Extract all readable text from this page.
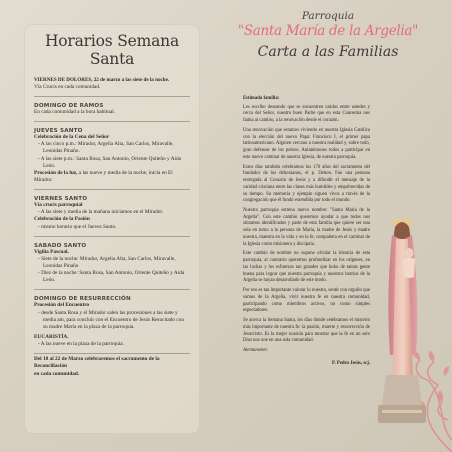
Horarios Semana Santa
VIERNES DE DOLORES, 22 de marzo a las siete de la noche.
Vía Crucis en cada comunidad.
DOMINGO DE RAMOS
En cada comunidad a la hora habitual.
JUEVES SANTO
Celebración de la Cena del Señor
- A las cinco p.m.: Mirador, Argelia Alta, San Carlos, Miravalle,
Leonidas Pinaño.
- A las siete p.m.: Santa Rosa, San Antonio, Oriente Quiteño y Aida León.
Procesión de la luz, a las nueve y media de la noche, inicia en El Mirador.
VIERNES SANTO
Vía crucis parroquial
- A las siete y media de la mañana iniciamos en el Mirador.
Celebración de la Pasión
- mismo horario que el Jueves Santo.
SABADO SANTO
Vigilia Pascual.
- Siete de la noche: Mirador, Argelia Alta, San Carlos, Miravalle,
Leonidas Pinaño
- Diez de la noche: Santa Rosa, San Antonio, Oriente Quiteño y Aida León.
DOMINGO DE RESURRECCIÓN
Procesión del Encuentro
- desde Santa Rosa y el Mirador salen las procesiones a las siete y
media am, para concluir con el Encuentro de Jesús Resucitado con
su madre María en la plaza de la parroquia.
EUCARISTÍA.
- A las nueve en la plaza de la parroquia.
Del 18 al 22 de Marzo celebraremos el sacramento de la Reconciliación
en cada comunidad.
Parroquia
"Santa María de la Argelia"
Carta a las Familias
Estimada familia:

Les escribo deseando que se encuentren unidos entre ustedes y cerca del Señor, nuestro buen Padre que en esta Cuaresma nos llama al cambio, a la renovación desde el corazón.

Una renovación que estamos viviendo en nuestra Iglesia Católica con la elección del nuevo Papa: Francisco I, el primer papa latinoamericano. Alguien cercano a nuestra realidad y, sobre todo, gran defensor de los pobres. Animémonos todos a participar en este nuevo caminar de nuestra Iglesia, de nuestra parroquia.

Estos días también celebramos los 170 años del sacramento del fundador de los dehonianos, el p. Dehon. Fue una persona entregada al Corazón de Jesús y a difundir el mensaje de la caridad cristiana entre las clases más humildes y empobrecidas de su tiempo. Su memoria y ejemplo siguen vivos a través de la congregación que él fundó extendida por todo el mundo.

Nuestra parroquia estrena nuevo nombre: "Santa María de la Argelia". Con este cambio queremos ayudar a que todos nos sintamos identificados y parte de esta familia que quiere ser una sola en torno a la persona de María, la madre de Jesús y madre nuestra, maestra en la vida y en la fe, compañera en el caminar de la Iglesia como misionera y discípula.

Este cambio de nombre no supone olvidar la historia de esta parroquia, al contrario queremos profundizar en los orígenes, en las luchas y los esfuerzos tan grandes que hubo de tantas gente buena para lograr que nuestra parroquia y nuestros barrios de la Argelia se hayan desarrollado de este modo.

Por eso es tan importante valorar lo nuestro, sentir con orgullo que somos de la Argelia, vivir nuestra fe en nuestra comunidad, participando como miembros activos, no como simples espectadores.

Se acerca la Semana Santa, los días donde celebramos el misterio más importante de nuestra fe: la pasión, muerte y resurrección de Jesucristo. Es la mejor ocasión para mostrar que la fe en un solo Dios nos une en una sola comunidad.

Atentamente:
P. Pedro Jesús, scj.
